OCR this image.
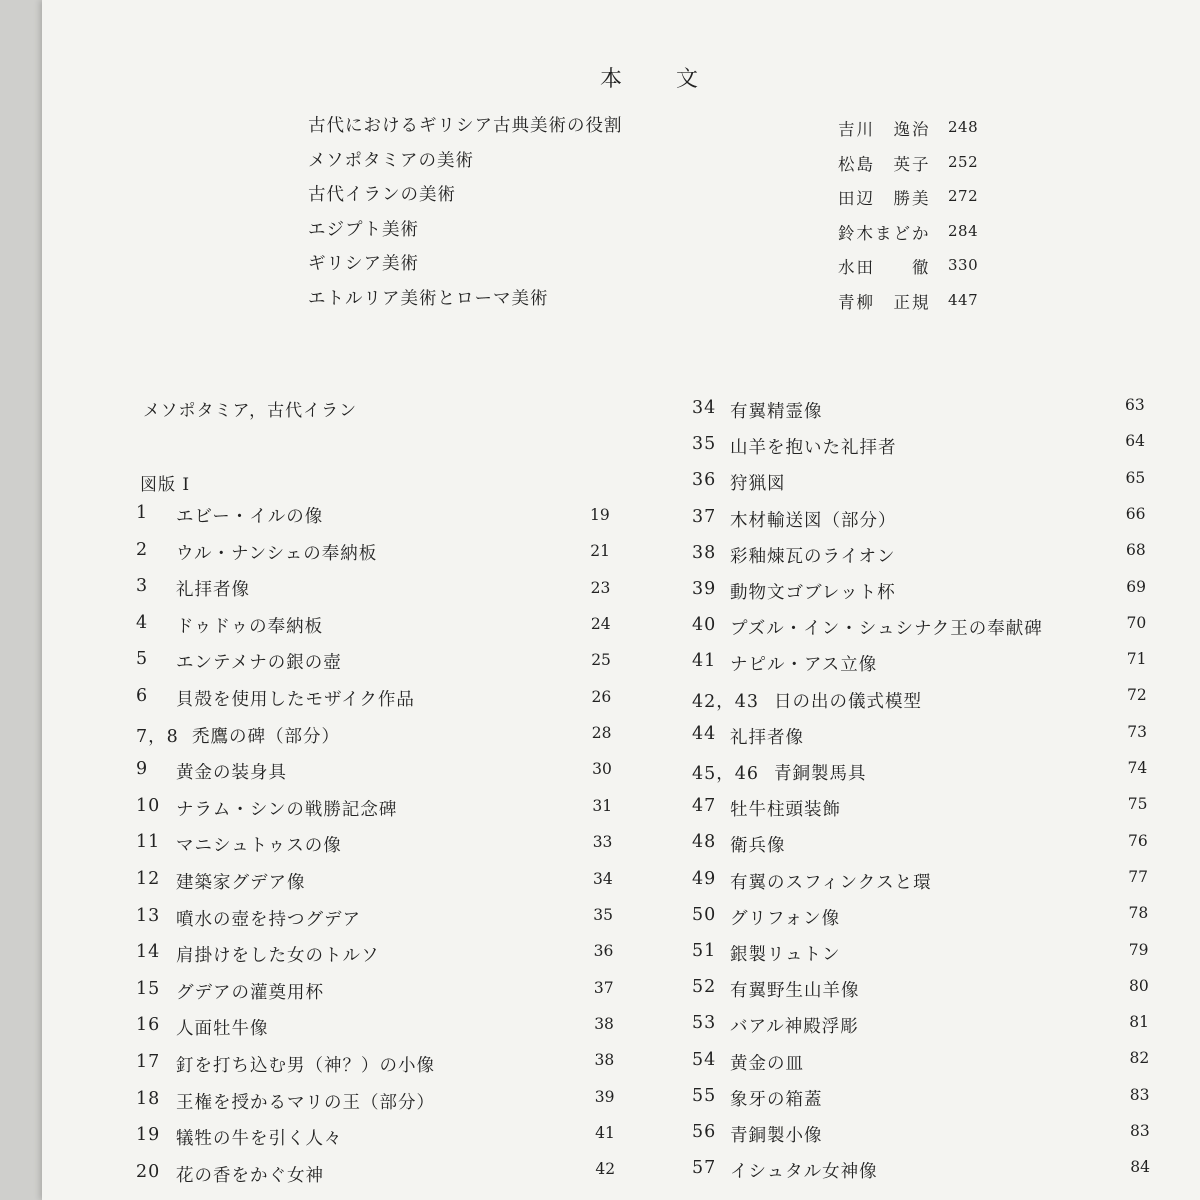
本 文
古代におけるギリシア古典美術の役割	吉川　逸治 248
メソポタミアの美術	松島　英子 252
古代イランの美術	田辺　勝美 272
エジプト美術	鈴木まどか 284
ギリシア美術	水田　　徹 330
エトルリア美術とローマ美術	青柳　正規 447
メソポタミア，古代イラン
図版 I
1 エビー・イルの像	19
2 ウル・ナンシェの奉納板	21
3 礼拝者像	23
4 ドゥドゥの奉納板	24
5 エンテメナの銀の壺	25
6 貝殻を使用したモザイク作品	26
7，8 禿鷹の碑（部分）	28
9 黄金の装身具	30
10 ナラム・シンの戦勝記念碑	31
11 マニシュトゥスの像	33
12 建築家グデア像	34
13 噴水の壺を持つグデア	35
14 肩掛けをした女のトルソ	36
15 グデアの灌奠用杯	37
16 人面牡牛像	38
17 釘を打ち込む男（神？）の小像	38
18 王権を授かるマリの王（部分）	39
19 犠牲の牛を引く人々	41
20 花の香をかぐ女神	42
34 有翼精霊像	63
35 山羊を抱いた礼拝者	64
36 狩猟図	65
37 木材輸送図（部分）	66
38 彩釉煉瓦のライオン	68
39 動物文ゴブレット杯	69
40 プズル・イン・シュシナク王の奉献碑	70
41 ナピル・アス立像	71
42，43 日の出の儀式模型	72
44 礼拝者像	73
45，46 青銅製馬具	74
47 牡牛柱頭装飾	75
48 衛兵像	76
49 有翼のスフィンクスと環	77
50 グリフォン像	78
51 銀製リュトン	79
52 有翼野生山羊像	80
53 バアル神殿浮彫	81
54 黄金の皿	82
55 象牙の箱蓋	83
56 青銅製小像	83
57 イシュタル女神像	84
